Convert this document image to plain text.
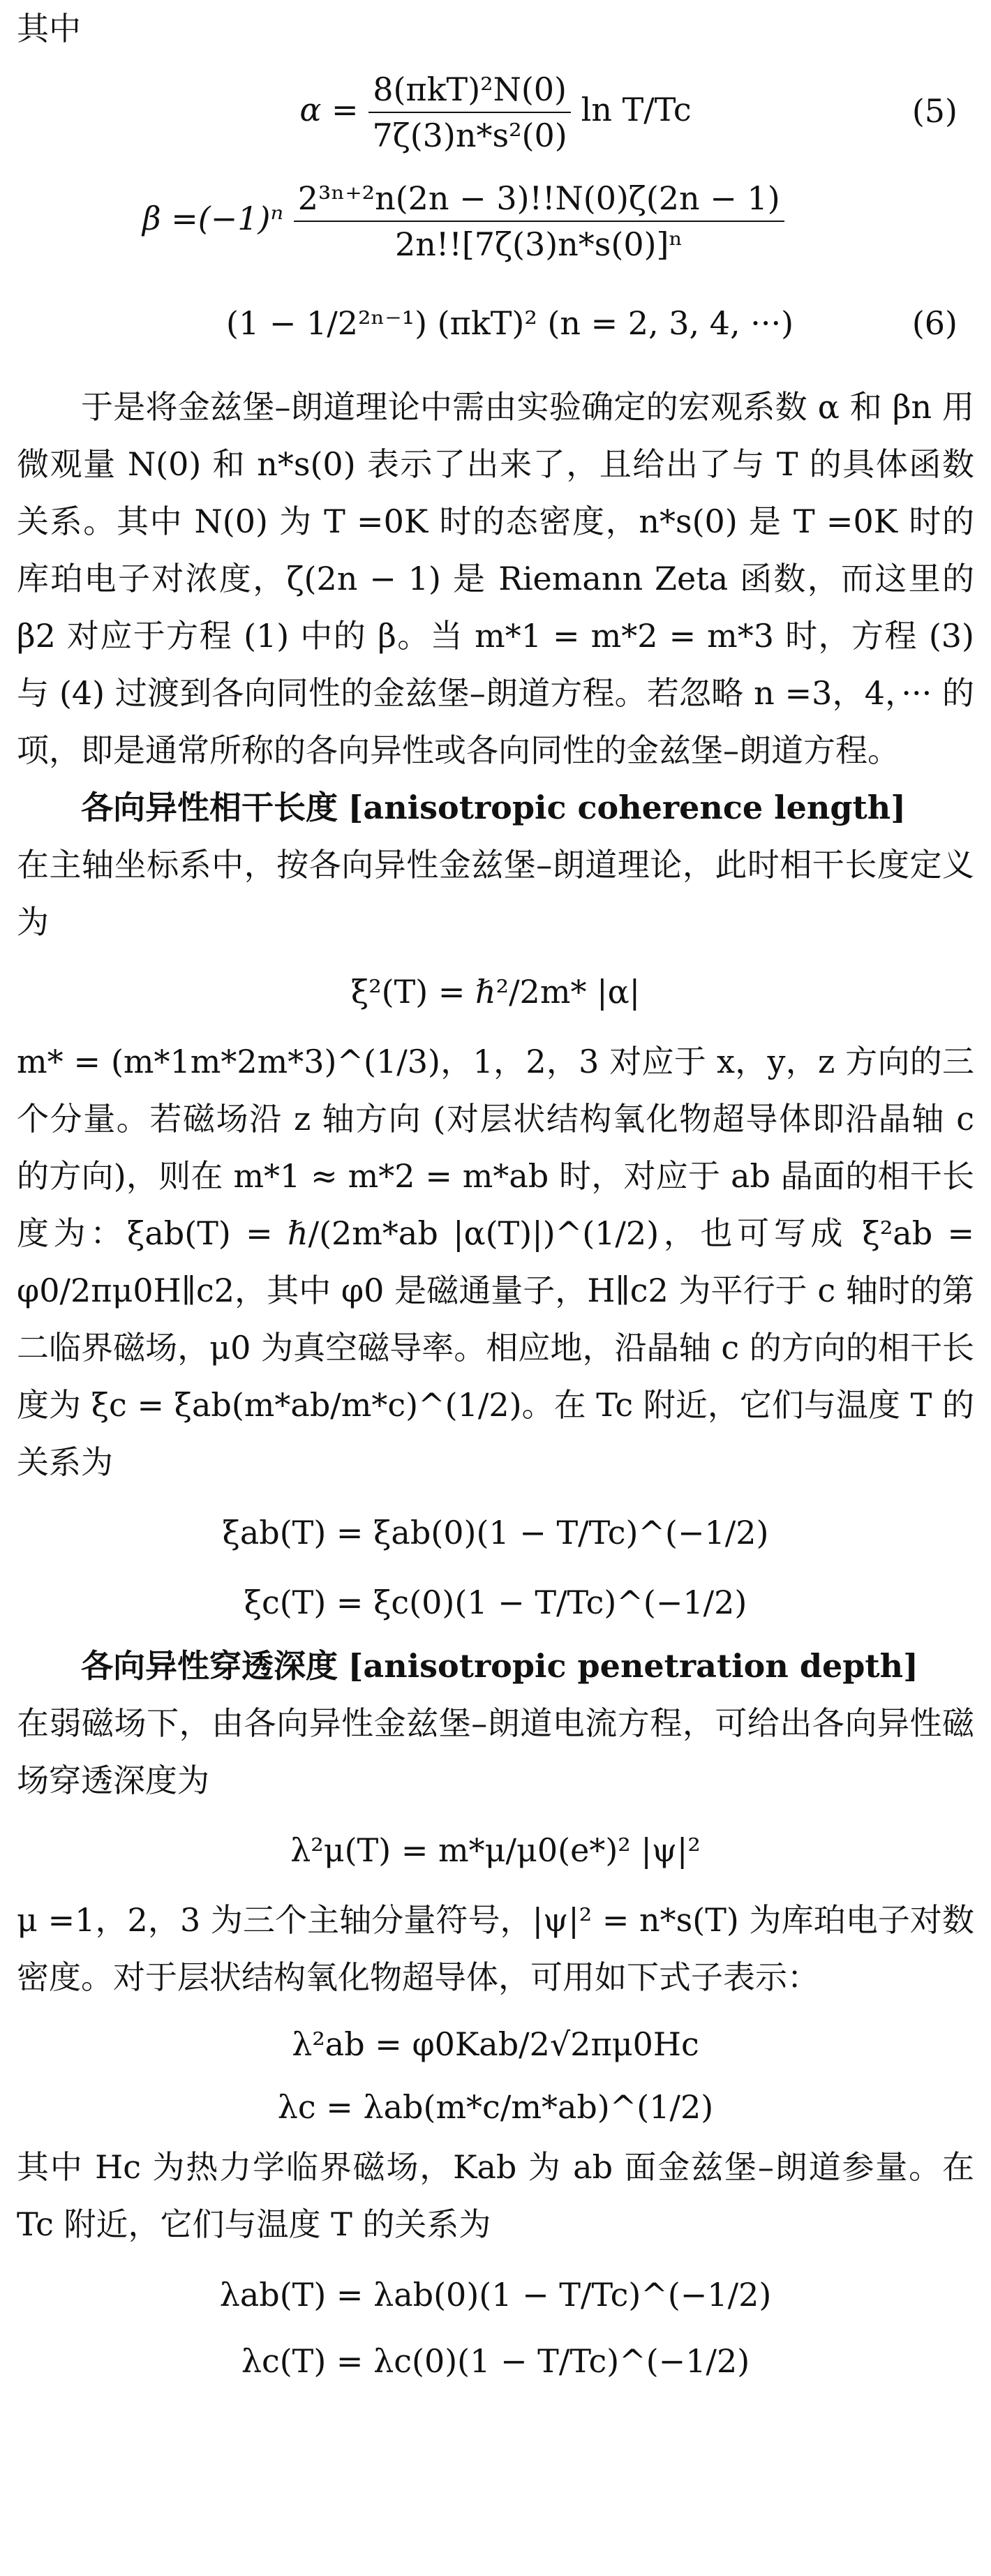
其中

$\alpha = \frac{\text{8(πkT)²N(0)}}{\text{7ζ(3)n*s²(0)}}$ ln T/Tc	(5)
$\beta =(-1)^n \frac{\text{2³ⁿ⁺²n(2n − 3)!!N(0)ζ(2n − 1)}}{\text{2n!![7ζ(3)n*s(0)]ⁿ}}$
(1 − 1/2²ⁿ⁻¹) (πkT)² (n = 2, 3, 4, ···)	(6)

于是将金兹堡–朗道理论中需由实验确定的宏观系数 α 和 βn 用微观量 N(0) 和 n*s(0) 表示了出来了，且给出了与 T 的具体函数关系。其中 N(0) 为 T =0K 时的态密度，n*s(0) 是 T =0K 时的库珀电子对浓度，ζ(2n − 1) 是 Riemann Zeta 函数，而这里的 β2 对应于方程 (1) 中的 β。当 m*1 = m*2 = m*3 时，方程 (3) 与 (4) 过渡到各向同性的金兹堡–朗道方程。若忽略 n =3，4，··· 的项，即是通常所称的各向异性或各向同性的金兹堡–朗道方程。

各向异性相干长度 [anisotropic coherence length]

在主轴坐标系中，按各向异性金兹堡–朗道理论，此时相干长度定义为

ξ²(T) = ℏ²/2m* |α|

m* = (m*1m*2m*3)^(1/3)，1，2，3 对应于 x，y，z 方向的三个分量。若磁场沿 z 轴方向 (对层状结构氧化物超导体即沿晶轴 c 的方向)，则在 m*1 ≈ m*2 = m*ab 时，对应于 ab 晶面的相干长度为：ξab(T) = ℏ/(2m*ab |α(T)|)^(1/2)，也可写成 ξ²ab = φ0/2πμ0H∥c2，其中 φ0 是磁通量子，H∥c2 为平行于 c 轴时的第二临界磁场，μ0 为真空磁导率。相应地，沿晶轴 c 的方向的相干长度为 ξc = ξab(m*ab/m*c)^(1/2)。在 Tc 附近，它们与温度 T 的关系为

ξab(T) = ξab(0)(1 − T/Tc)^(−1/2)

ξc(T) = ξc(0)(1 − T/Tc)^(−1/2)

各向异性穿透深度 [anisotropic penetration depth]

在弱磁场下，由各向异性金兹堡–朗道电流方程，可给出各向异性磁场穿透深度为

λ²μ(T) = m*μ/μ0(e*)² |ψ|²

μ =1，2，3 为三个主轴分量符号，|ψ|² = n*s(T) 为库珀电子对数密度。对于层状结构氧化物超导体，可用如下式子表示：

λ²ab = φ0Kab/2√2πμ0Hc

λc = λab(m*c/m*ab)^(1/2)

其中 Hc 为热力学临界磁场，Kab 为 ab 面金兹堡–朗道参量。在 Tc 附近，它们与温度 T 的关系为

λab(T) = λab(0)(1 − T/Tc)^(−1/2)

λc(T) = λc(0)(1 − T/Tc)^(−1/2)
